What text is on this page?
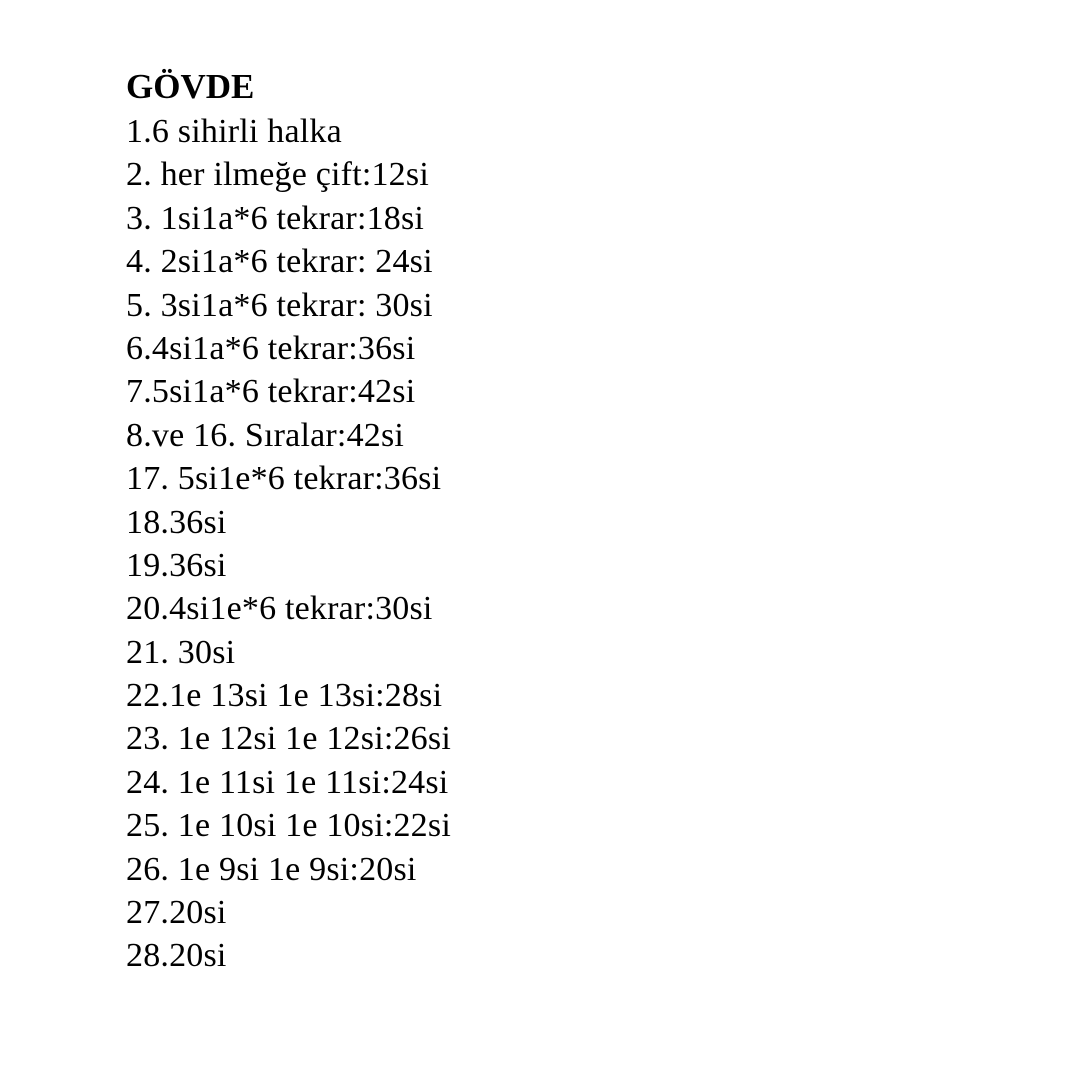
GÖVDE
1.6 sihirli halka
2. her ilmeğe çift:12si
3. 1si1a*6 tekrar:18si
4. 2si1a*6 tekrar: 24si
5. 3si1a*6 tekrar: 30si
6.4si1a*6 tekrar:36si
7.5si1a*6 tekrar:42si
8.ve 16. Sıralar:42si
17. 5si1e*6 tekrar:36si
18.36si
19.36si
20.4si1e*6 tekrar:30si
21. 30si
22.1e 13si 1e 13si:28si
23. 1e 12si 1e 12si:26si
24. 1e 11si 1e 11si:24si
25. 1e 10si 1e 10si:22si
26. 1e 9si 1e 9si:20si
27.20si
28.20si
